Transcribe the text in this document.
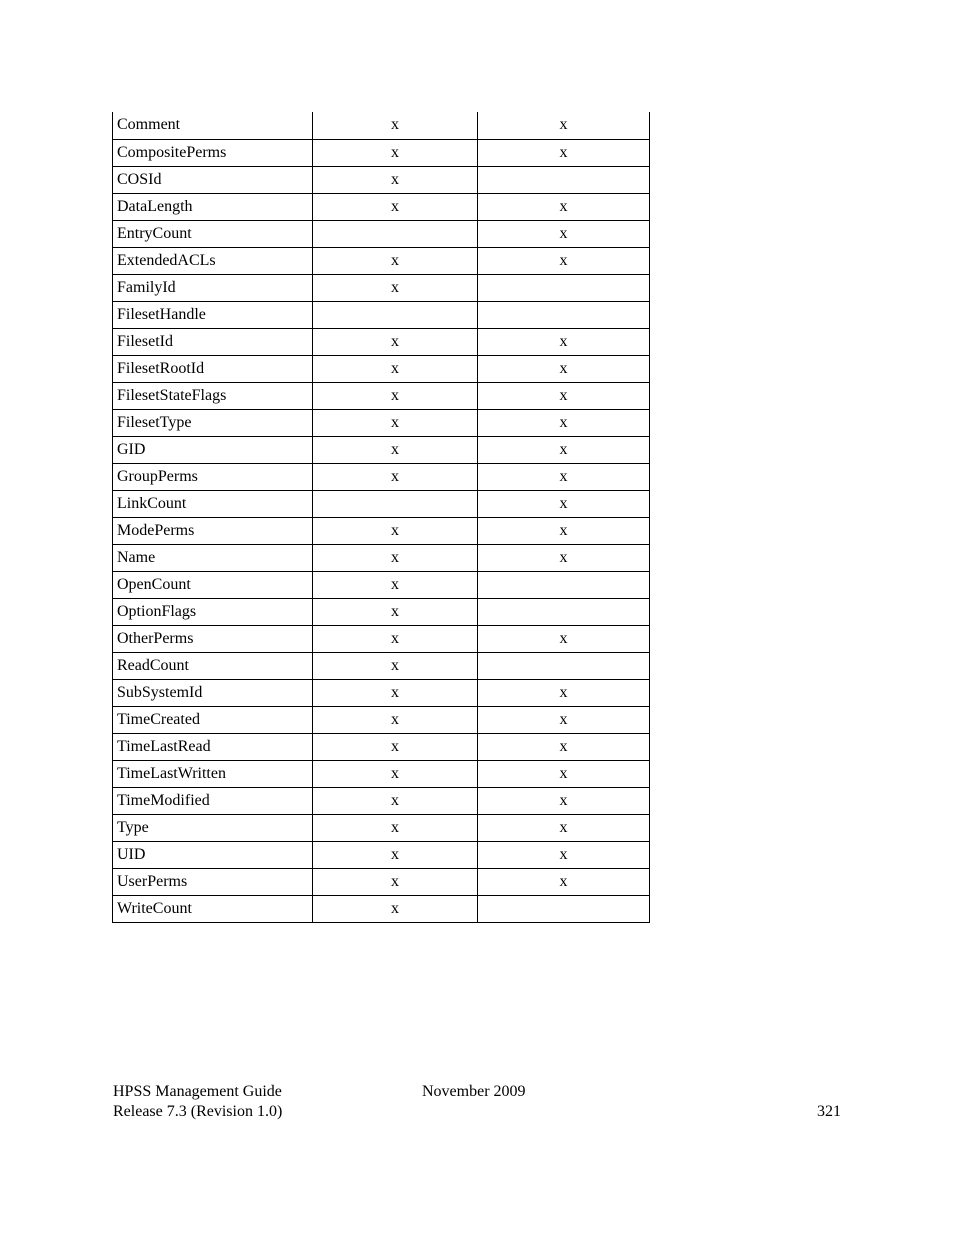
Comment	x	x
CompositePerms	x	x
COSId	x	
DataLength	x	x
EntryCount		x
ExtendedACLs	x	x
FamilyId	x	
FilesetHandle		
FilesetId	x	x
FilesetRootId	x	x
FilesetStateFlags	x	x
FilesetType	x	x
GID	x	x
GroupPerms	x	x
LinkCount		x
ModePerms	x	x
Name	x	x
OpenCount	x	
OptionFlags	x	
OtherPerms	x	x
ReadCount	x	
SubSystemId	x	x
TimeCreated	x	x
TimeLastRead	x	x
TimeLastWritten	x	x
TimeModified	x	x
Type	x	x
UID	x	x
UserPerms	x	x
WriteCount	x	
HPSS Management Guide
Release 7.3 (Revision 1.0)
November 2009
321
